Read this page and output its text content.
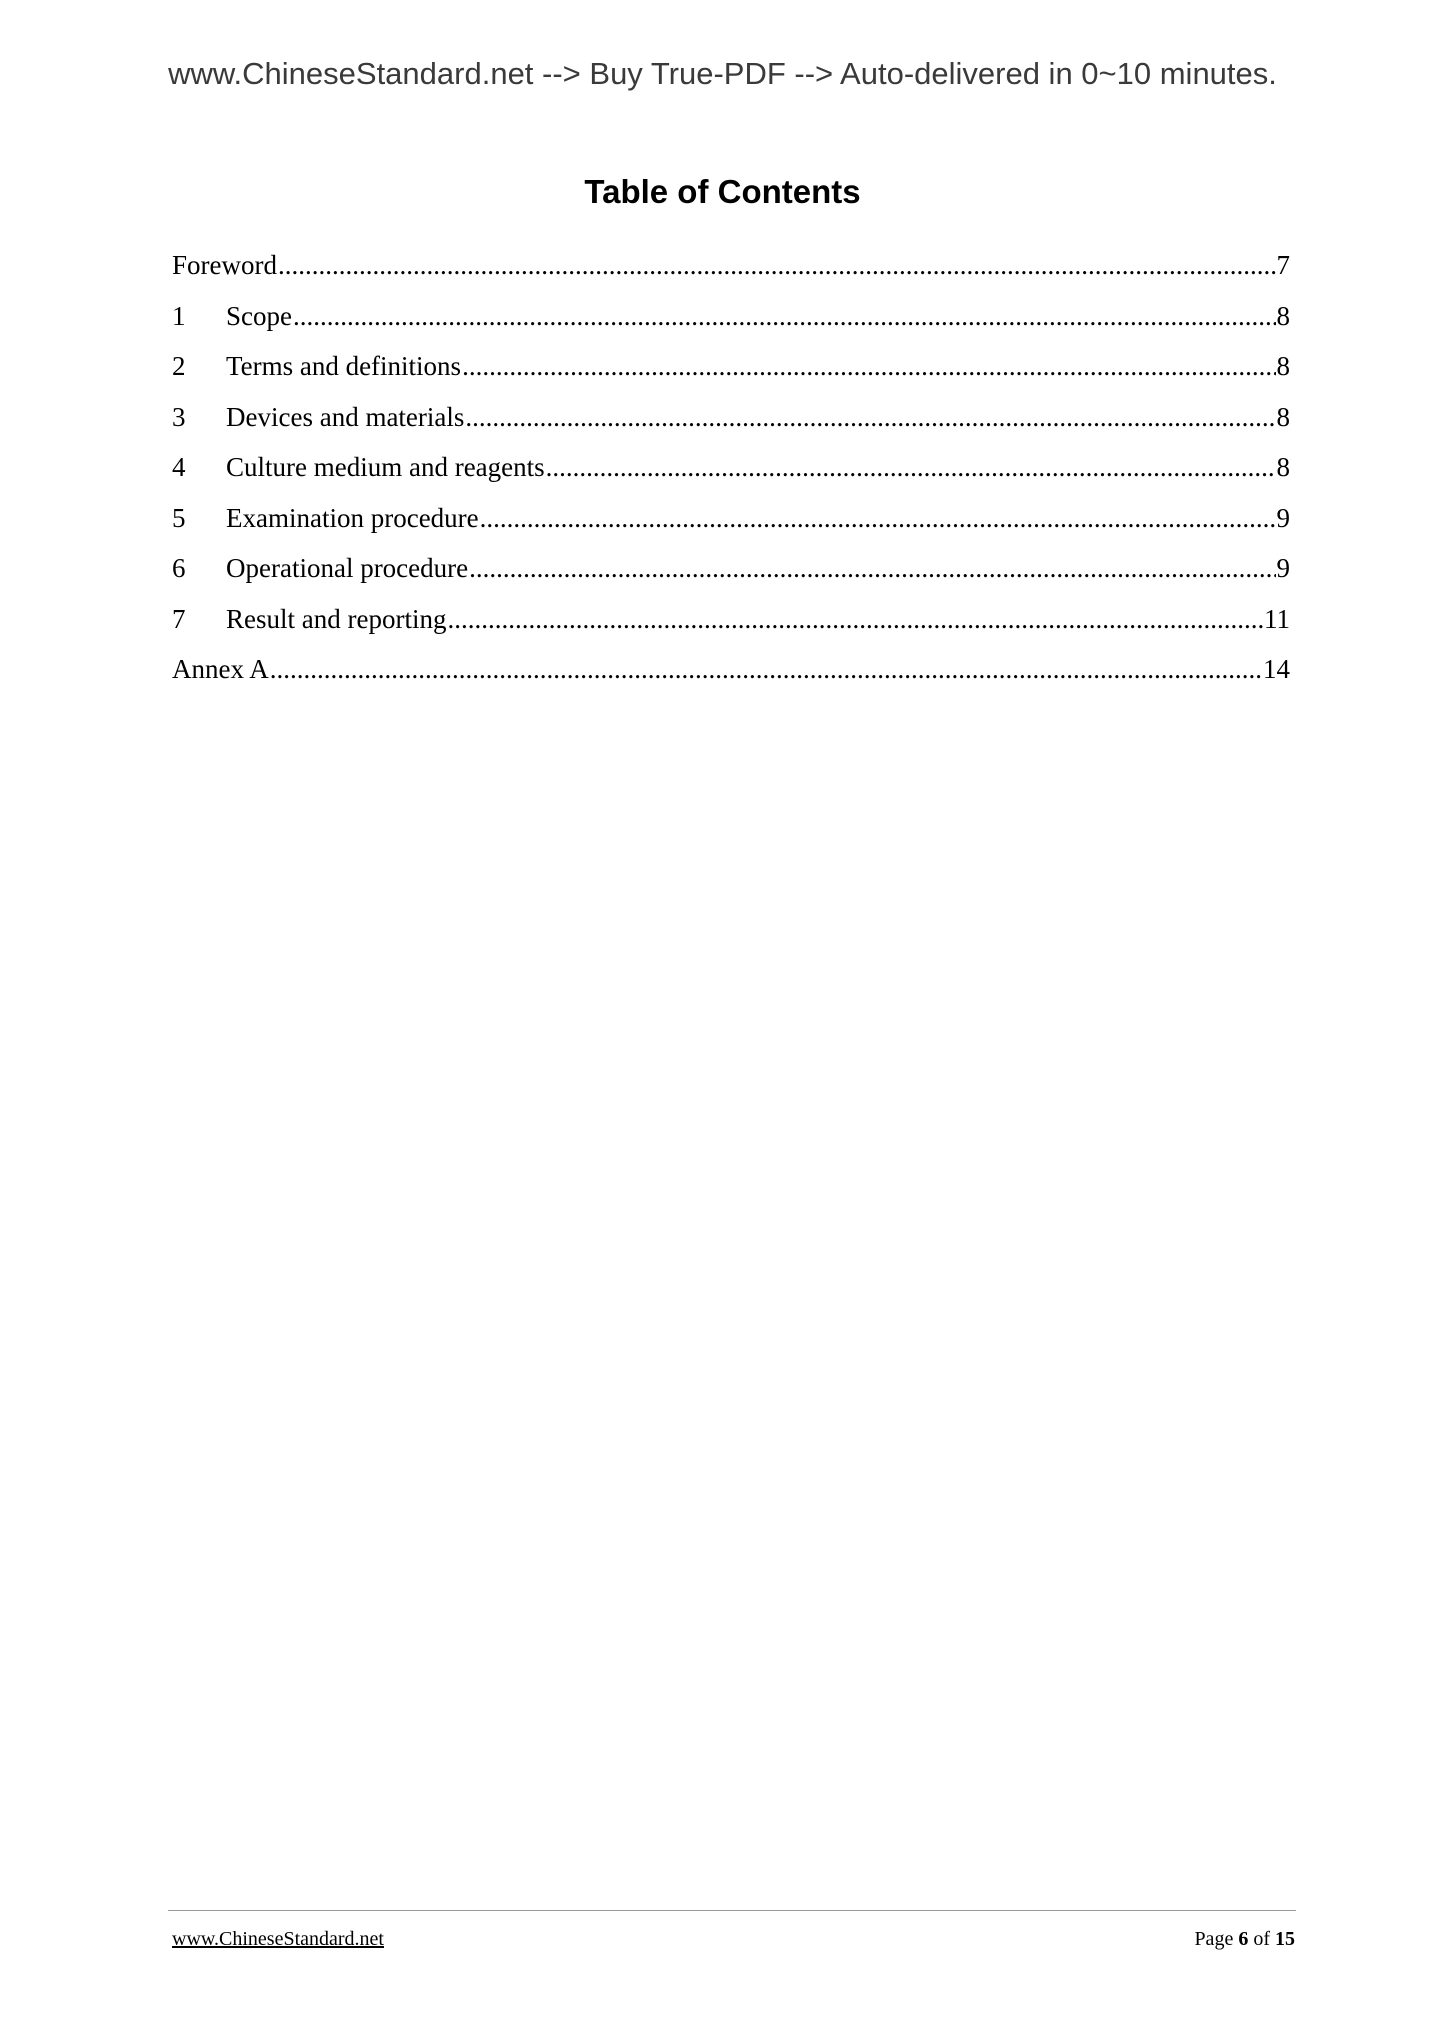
www.ChineseStandard.net --> Buy True-PDF --> Auto-delivered in 0~10 minutes.
Table of Contents
Foreword .....	7
1	Scope .....	8
2	Terms and definitions .....	8
3	Devices and materials .....	8
4	Culture medium and reagents .....	8
5	Examination procedure .....	9
6	Operational procedure .....	9
7	Result and reporting .....	11
Annex A .....	14
www.ChineseStandard.net	Page 6 of 15
